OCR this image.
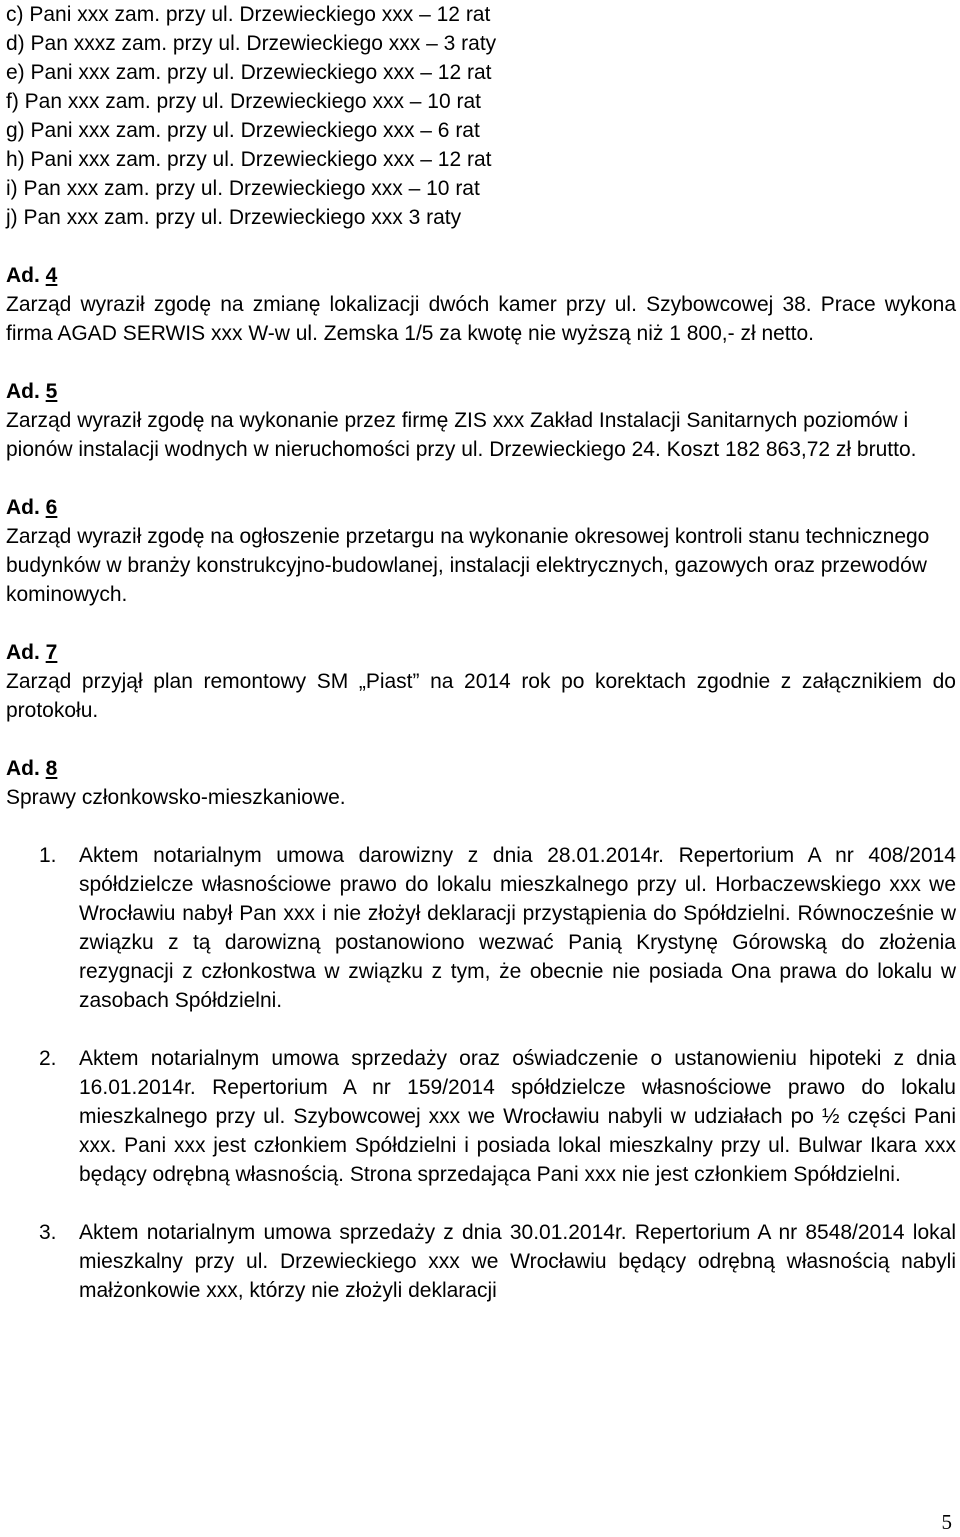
c) Pani xxx zam. przy ul. Drzewieckiego xxx – 12 rat
d) Pan xxxz zam. przy ul. Drzewieckiego xxx – 3 raty
e) Pani xxx zam. przy ul. Drzewieckiego xxx – 12 rat
f) Pan xxx zam. przy ul. Drzewieckiego xxx – 10 rat
g) Pani xxx zam. przy ul. Drzewieckiego xxx – 6 rat
h) Pani xxx zam. przy ul. Drzewieckiego xxx – 12 rat
i) Pan xxx zam. przy ul. Drzewieckiego xxx – 10 rat
j) Pan xxx zam. przy ul. Drzewieckiego xxx 3 raty
Ad. 4
Zarząd wyraził zgodę na zmianę lokalizacji dwóch kamer przy ul. Szybowcowej 38. Prace wykona firma AGAD SERWIS xxx W-w ul. Zemska 1/5 za kwotę nie wyższą niż 1 800,- zł netto.
Ad. 5
Zarząd wyraził zgodę na wykonanie przez firmę ZIS xxx Zakład Instalacji Sanitarnych poziomów i pionów instalacji wodnych w nieruchomości przy ul. Drzewieckiego 24. Koszt 182 863,72 zł brutto.
Ad. 6
Zarząd wyraził zgodę na ogłoszenie przetargu na wykonanie okresowej kontroli stanu technicznego budynków w branży konstrukcyjno-budowlanej, instalacji elektrycznych, gazowych oraz przewodów kominowych.
Ad. 7
Zarząd przyjął plan remontowy SM „Piast” na 2014 rok po korektach zgodnie z załącznikiem do protokołu.
Ad. 8
Sprawy członkowsko-mieszkaniowe.
1. Aktem notarialnym umowa darowizny z dnia 28.01.2014r. Repertorium A nr 408/2014 spółdzielcze własnościowe prawo do lokalu mieszkalnego przy ul. Horbaczewskiego xxx we Wrocławiu nabył Pan xxx i nie złożył deklaracji przystąpienia do Spółdzielni. Równocześnie w związku z tą darowizną postanowiono wezwać Panią Krystynę Górowską do złożenia rezygnacji z członkostwa w związku z tym, że obecnie nie posiada Ona prawa do lokalu w zasobach Spółdzielni.
2. Aktem notarialnym umowa sprzedaży oraz oświadczenie o ustanowieniu hipoteki z dnia 16.01.2014r. Repertorium A nr 159/2014 spółdzielcze własnościowe prawo do lokalu mieszkalnego przy ul. Szybowcowej xxx we Wrocławiu nabyli w udziałach po ½ części Pani xxx. Pani xxx jest członkiem Spółdzielni i posiada lokal mieszkalny przy ul. Bulwar Ikara xxx będący odrębną własnością. Strona sprzedająca Pani xxx nie jest członkiem Spółdzielni.
3. Aktem notarialnym umowa sprzedaży z dnia 30.01.2014r. Repertorium A nr 8548/2014 lokal mieszkalny przy ul. Drzewieckiego xxx we Wrocławiu będący odrębną własnością nabyli małżonkowie xxx, którzy nie złożyli deklaracji
5
